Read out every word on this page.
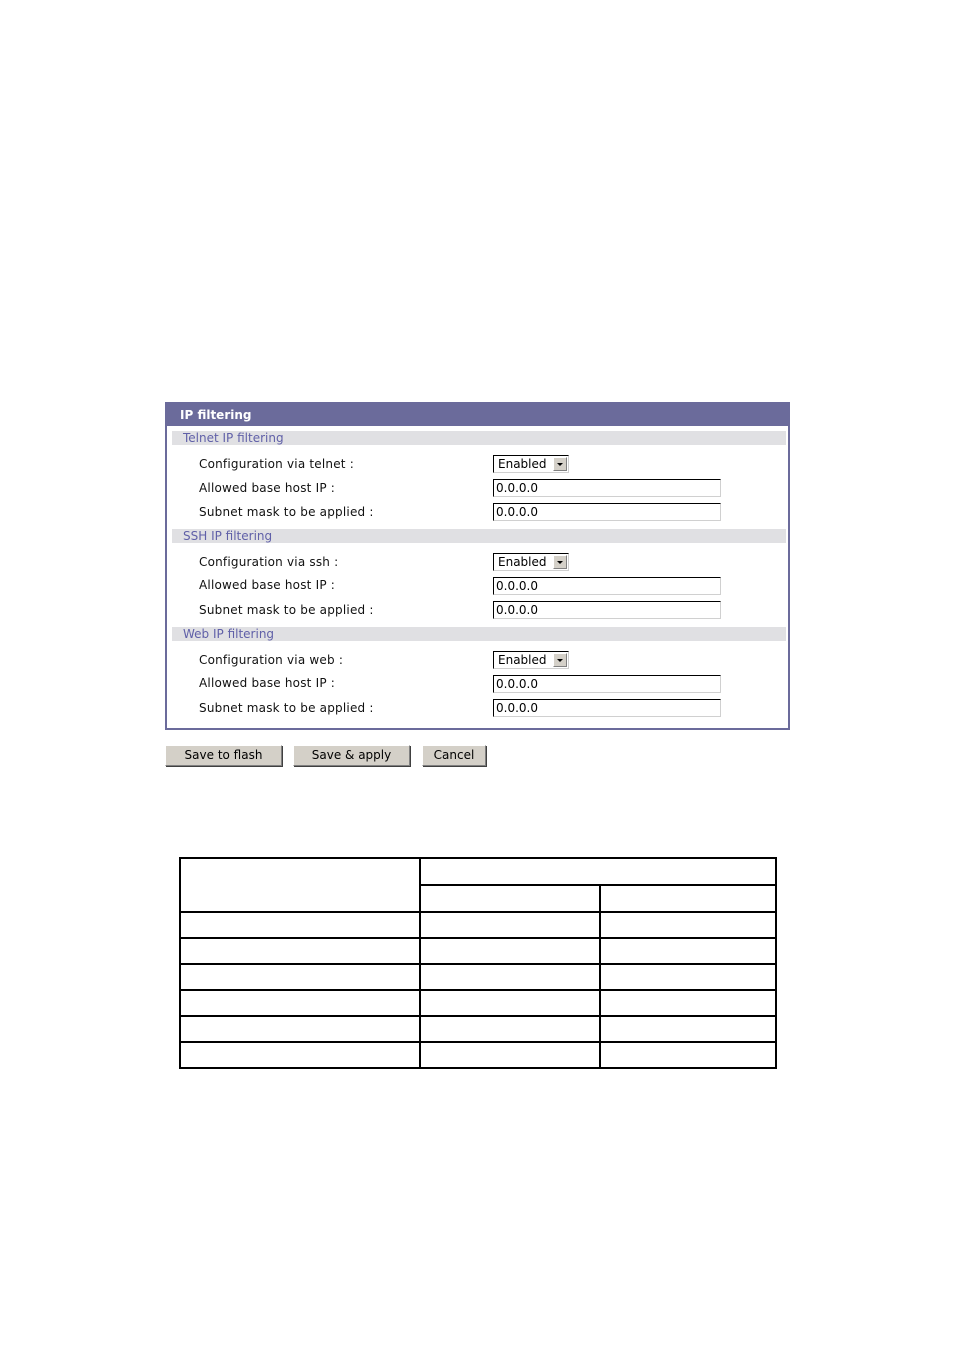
IP filtering
Telnet IP filtering
Configuration via telnet :	Enabled
Allowed base host IP :	0.0.0.0
Subnet mask to be applied :	0.0.0.0
SSH IP filtering
Configuration via ssh :	Enabled
Allowed base host IP :	0.0.0.0
Subnet mask to be applied :	0.0.0.0
Web IP filtering
Configuration via web :	Enabled
Allowed base host IP :	0.0.0.0
Subnet mask to be applied :	0.0.0.0
Save to flash	Save & apply	Cancel
